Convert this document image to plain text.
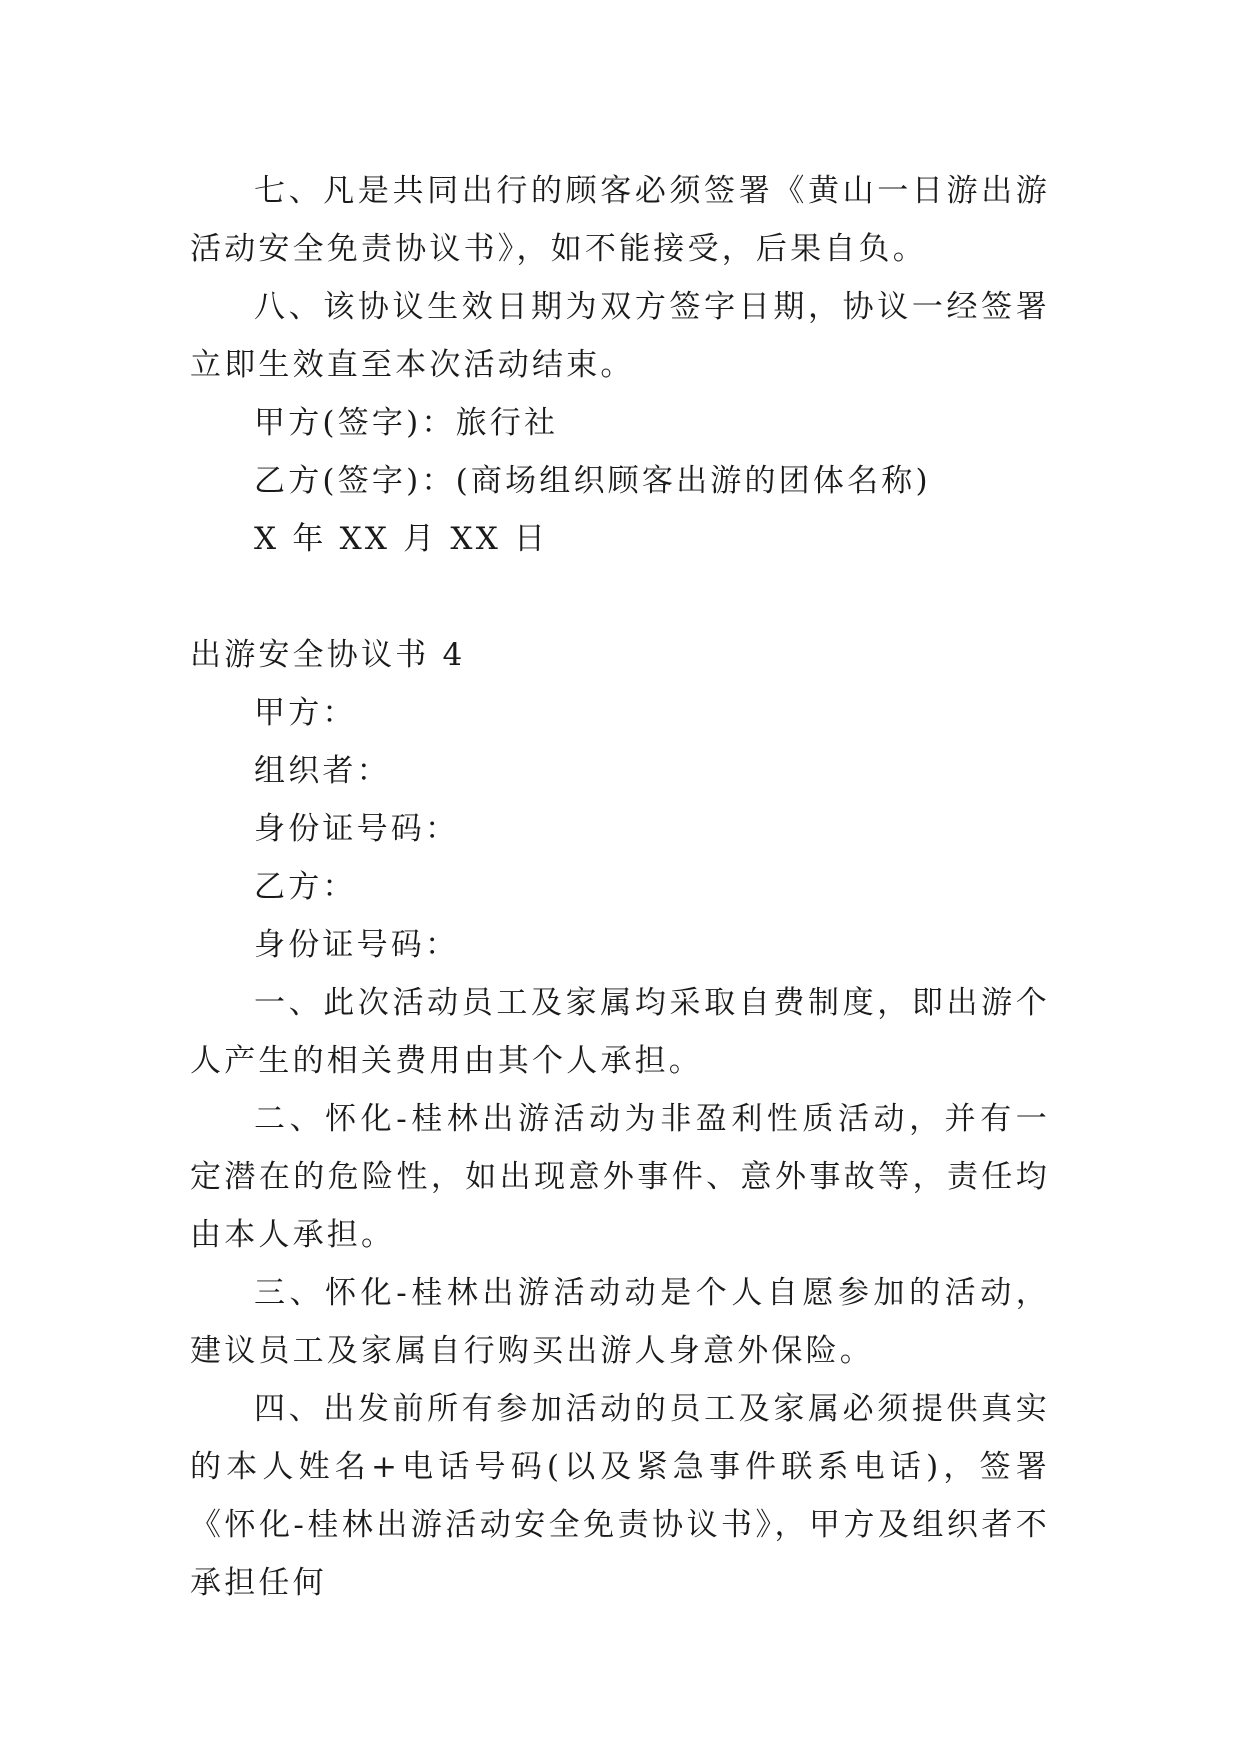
七、凡是共同出行的顾客必须签署《黄山一日游出游活动安全免责协议书》，如不能接受，后果自负。

八、该协议生效日期为双方签字日期，协议一经签署立即生效直至本次活动结束。

甲方(签字)：旅行社

乙方(签字)：(商场组织顾客出游的团体名称)

X 年 XX 月 XX 日

出游安全协议书 4

甲方：

组织者：

身份证号码：

乙方：

身份证号码：

一、此次活动员工及家属均采取自费制度，即出游个人产生的相关费用由其个人承担。

二、怀化-桂林出游活动为非盈利性质活动，并有一定潜在的危险性，如出现意外事件、意外事故等，责任均由本人承担。

三、怀化-桂林出游活动动是个人自愿参加的活动，建议员工及家属自行购买出游人身意外保险。

四、出发前所有参加活动的员工及家属必须提供真实的本人姓名+电话号码(以及紧急事件联系电话)，签署《怀化-桂林出游活动安全免责协议书》，甲方及组织者不承担任何
